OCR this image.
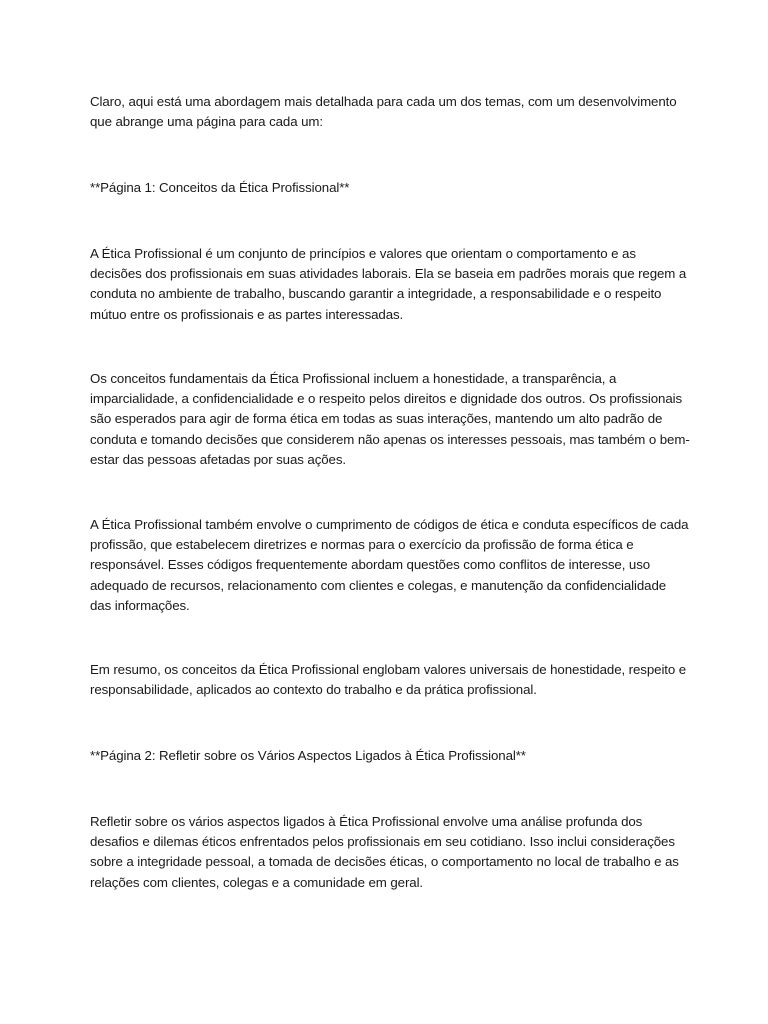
Claro, aqui está uma abordagem mais detalhada para cada um dos temas, com um desenvolvimento que abrange uma página para cada um:

**Página 1: Conceitos da Ética Profissional**

A Ética Profissional é um conjunto de princípios e valores que orientam o comportamento e as decisões dos profissionais em suas atividades laborais. Ela se baseia em padrões morais que regem a conduta no ambiente de trabalho, buscando garantir a integridade, a responsabilidade e o respeito mútuo entre os profissionais e as partes interessadas.

Os conceitos fundamentais da Ética Profissional incluem a honestidade, a transparência, a imparcialidade, a confidencialidade e o respeito pelos direitos e dignidade dos outros. Os profissionais são esperados para agir de forma ética em todas as suas interações, mantendo um alto padrão de conduta e tomando decisões que considerem não apenas os interesses pessoais, mas também o bem-estar das pessoas afetadas por suas ações.

A Ética Profissional também envolve o cumprimento de códigos de ética e conduta específicos de cada profissão, que estabelecem diretrizes e normas para o exercício da profissão de forma ética e responsável. Esses códigos frequentemente abordam questões como conflitos de interesse, uso adequado de recursos, relacionamento com clientes e colegas, e manutenção da confidencialidade das informações.

Em resumo, os conceitos da Ética Profissional englobam valores universais de honestidade, respeito e responsabilidade, aplicados ao contexto do trabalho e da prática profissional.

**Página 2: Refletir sobre os Vários Aspectos Ligados à Ética Profissional**

Refletir sobre os vários aspectos ligados à Ética Profissional envolve uma análise profunda dos desafios e dilemas éticos enfrentados pelos profissionais em seu cotidiano. Isso inclui considerações sobre a integridade pessoal, a tomada de decisões éticas, o comportamento no local de trabalho e as relações com clientes, colegas e a comunidade em geral.
